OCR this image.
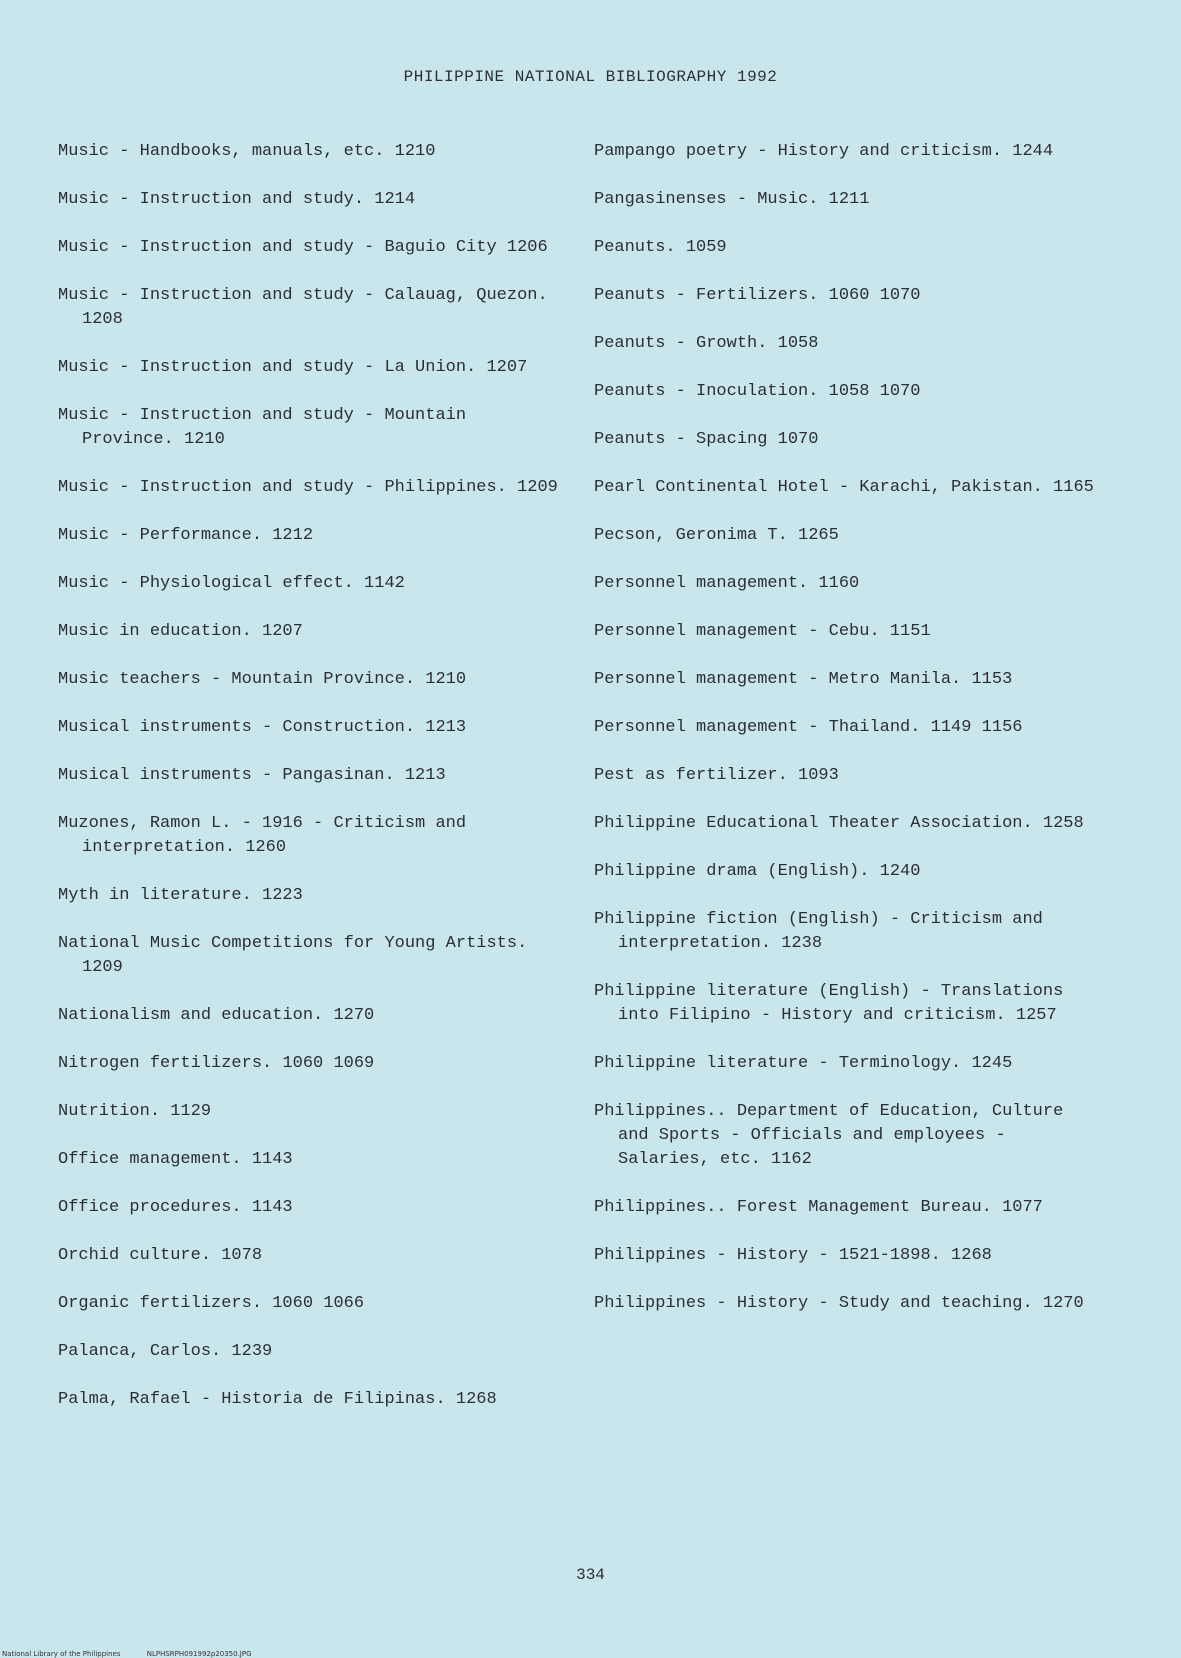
PHILIPPINE NATIONAL BIBLIOGRAPHY 1992

Music - Handbooks, manuals, etc. 1210

Music - Instruction and study. 1214

Music - Instruction and study - Baguio City 1206

Music - Instruction and study - Calauag, Quezon. 1208

Music - Instruction and study - La Union. 1207

Music - Instruction and study - Mountain Province. 1210

Music - Instruction and study - Philippines. 1209

Music - Performance. 1212

Music - Physiological effect. 1142

Music in education. 1207

Music teachers - Mountain Province. 1210

Musical instruments - Construction. 1213

Musical instruments - Pangasinan. 1213

Muzones, Ramon L. - 1916 - Criticism and interpretation. 1260

Myth in literature. 1223

National Music Competitions for Young Artists. 1209

Nationalism and education. 1270

Nitrogen fertilizers. 1060 1069

Nutrition. 1129

Office management. 1143

Office procedures. 1143

Orchid culture. 1078

Organic fertilizers. 1060 1066

Palanca, Carlos. 1239

Palma, Rafael - Historia de Filipinas. 1268

Pampango poetry - History and criticism. 1244

Pangasinenses - Music. 1211

Peanuts. 1059

Peanuts - Fertilizers. 1060 1070

Peanuts - Growth. 1058

Peanuts - Inoculation. 1058 1070

Peanuts - Spacing 1070

Pearl Continental Hotel - Karachi, Pakistan. 1165

Pecson, Geronima T. 1265

Personnel management. 1160

Personnel management - Cebu. 1151

Personnel management - Metro Manila. 1153

Personnel management - Thailand. 1149 1156

Pest as fertilizer. 1093

Philippine Educational Theater Association. 1258

Philippine drama (English). 1240

Philippine fiction (English) - Criticism and interpretation. 1238

Philippine literature (English) - Translations into Filipino - History and criticism. 1257

Philippine literature - Terminology. 1245

Philippines.. Department of Education, Culture and Sports - Officials and employees - Salaries, etc. 1162

Philippines.. Forest Management Bureau. 1077

Philippines - History - 1521-1898. 1268

Philippines - History - Study and teaching. 1270

334
National Library of the Philippines	NLPHSRPH091992p20350.JPG
